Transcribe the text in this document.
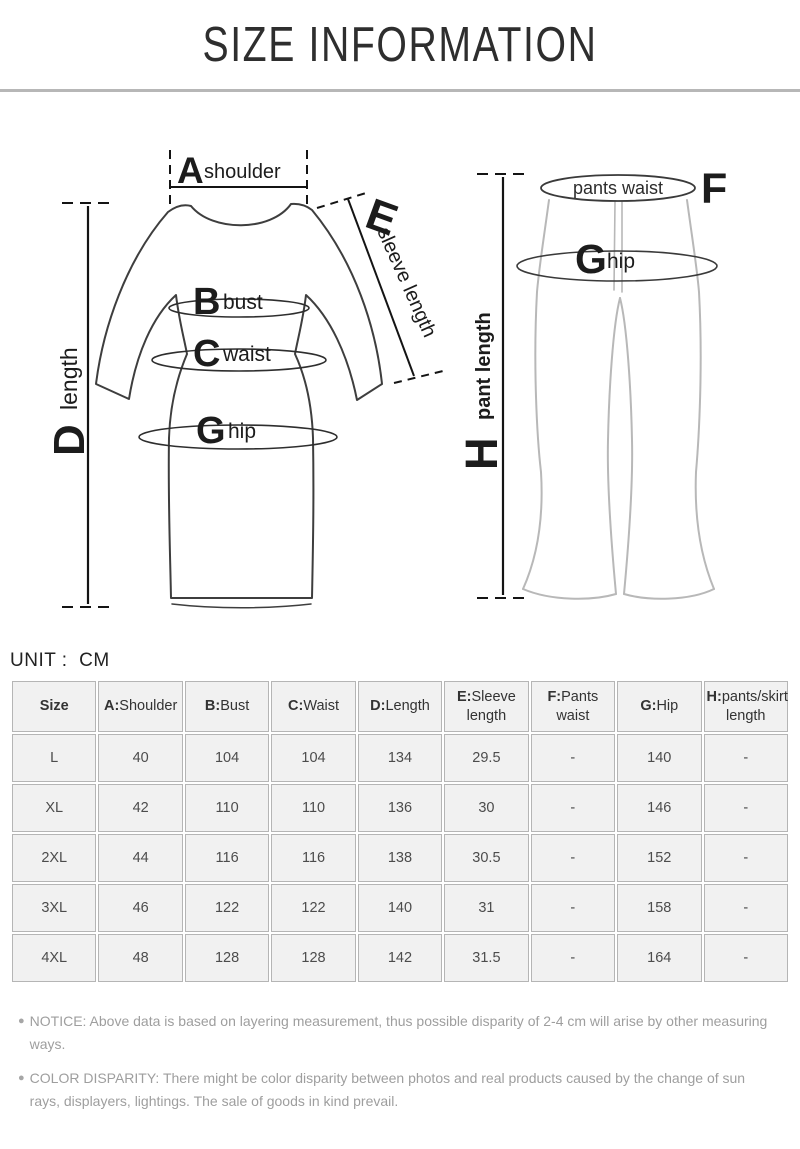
SIZE INFORMATION
A shoulder
D
length
E
sleeve length
B bust
C waist
G hip
H
pant length
pants waist F
G hip
UNIT :  CM
Size	A:Shoulder	B:Bust	C:Waist	D:Length	E:Sleeve length	F:Pants waist	G:Hip	H:pants/skirt length
L	40	104	104	134	29.5	-	140	-
XL	42	110	110	136	30	-	146	-
2XL	44	116	116	138	30.5	-	152	-
3XL	46	122	122	140	31	-	158	-
4XL	48	128	128	142	31.5	-	164	-
● NOTICE: Above data is based on layering measurement, thus possible disparity of 2-4 cm will arise by other measuring ways.
● COLOR DISPARITY: There might be color disparity between photos and real products caused by the change of sun rays, displayers, lightings. The sale of goods in kind prevail.
